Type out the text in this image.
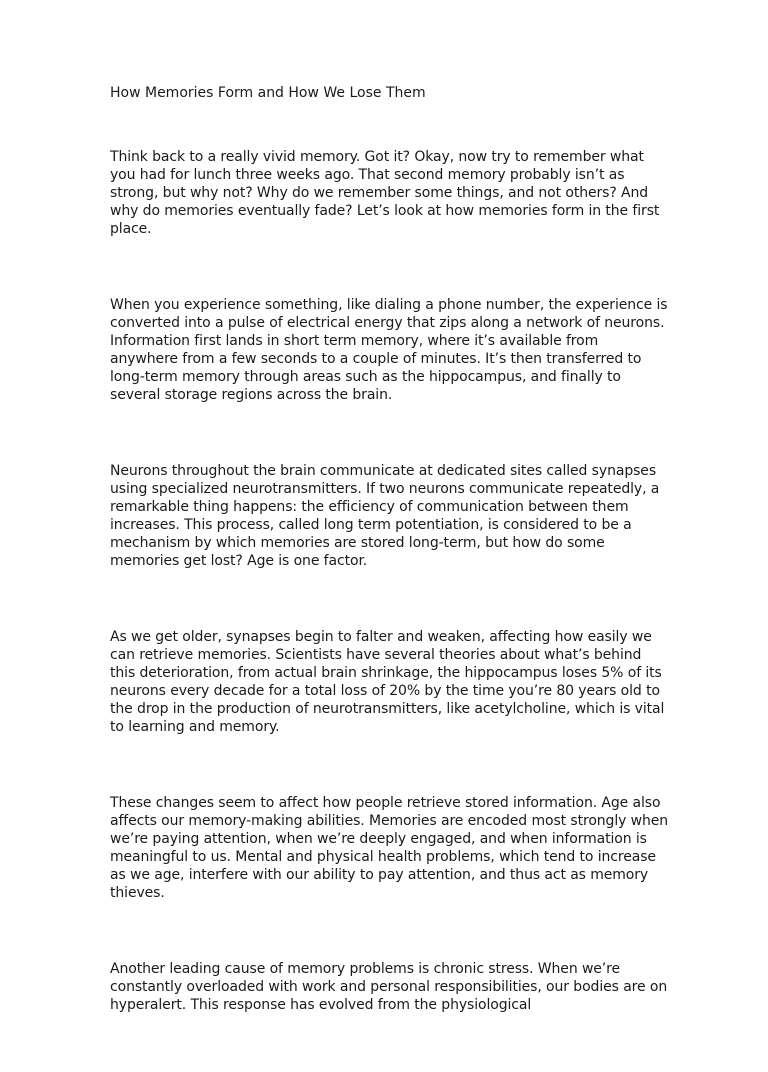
How Memories Form and How We Lose Them

Think back to a really vivid memory. Got it? Okay, now try to remember what you had for lunch three weeks ago. That second memory probably isn’t as strong, but why not? Why do we remember some things, and not others? And why do memories eventually fade? Let’s look at how memories form in the first place.

When you experience something, like dialing a phone number, the experience is converted into a pulse of electrical energy that zips along a network of neurons. Information first lands in short term memory, where it’s available from anywhere from a few seconds to a couple of minutes. It’s then transferred to long-term memory through areas such as the hippocampus, and finally to several storage regions across the brain.

Neurons throughout the brain communicate at dedicated sites called synapses using specialized neurotransmitters. If two neurons communicate repeatedly, a remarkable thing happens: the efficiency of communication between them increases. This process, called long term potentiation, is considered to be a mechanism by which memories are stored long-term, but how do some memories get lost? Age is one factor.

As we get older, synapses begin to falter and weaken, affecting how easily we can retrieve memories. Scientists have several theories about what’s behind this deterioration, from actual brain shrinkage, the hippocampus loses 5% of its neurons every decade for a total loss of 20% by the time you’re 80 years old to the drop in the production of neurotransmitters, like acetylcholine, which is vital to learning and memory.

These changes seem to affect how people retrieve stored information. Age also affects our memory-making abilities. Memories are encoded most strongly when we’re paying attention, when we’re deeply engaged, and when information is meaningful to us. Mental and physical health problems, which tend to increase as we age, interfere with our ability to pay attention, and thus act as memory thieves.

Another leading cause of memory problems is chronic stress. When we’re constantly overloaded with work and personal responsibilities, our bodies are on hyperalert. This response has evolved from the physiological
